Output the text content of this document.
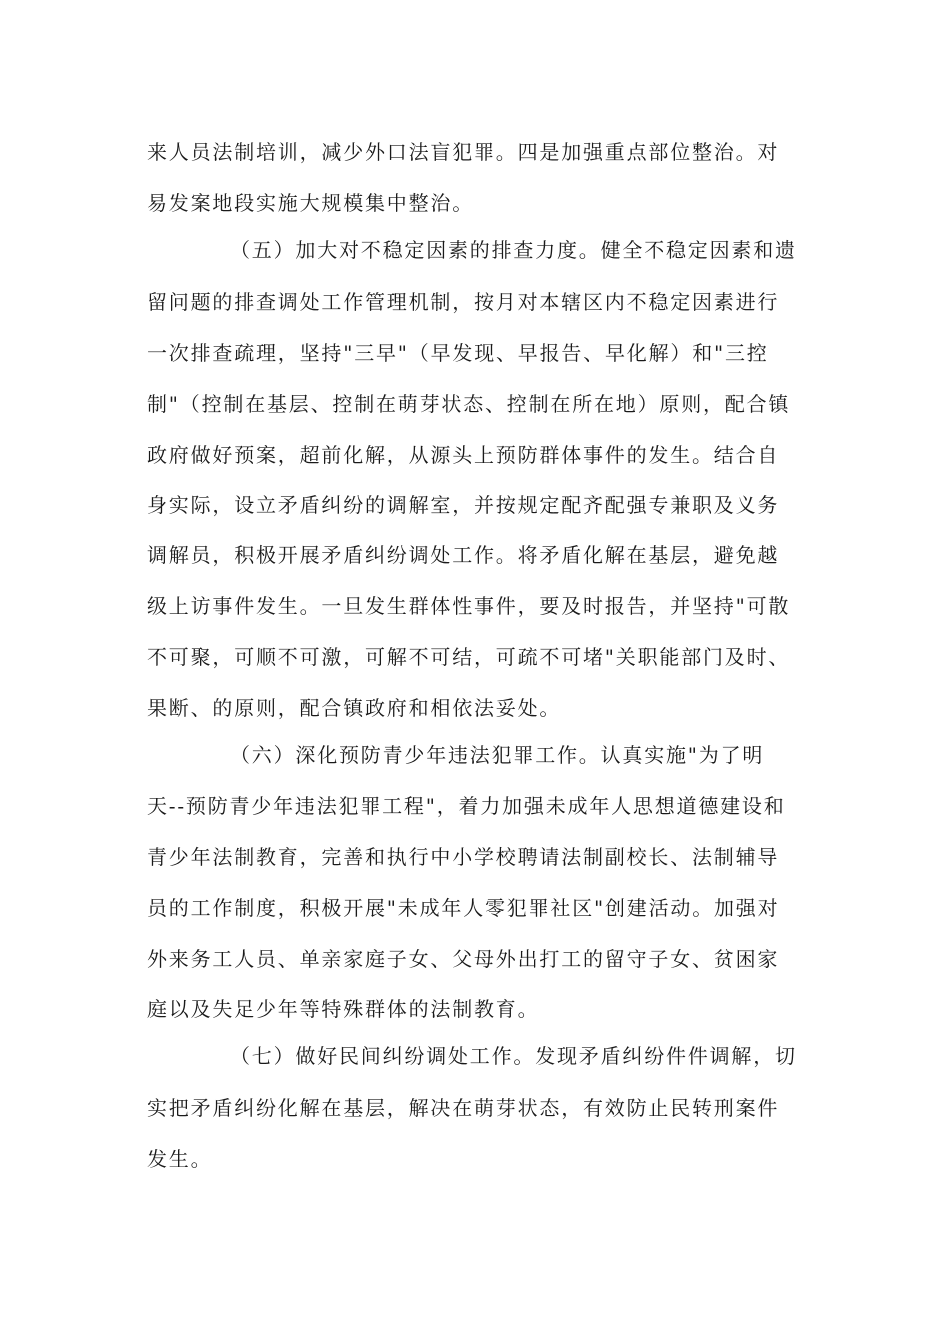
来人员法制培训，减少外口法盲犯罪。四是加强重点部位整治。对
易发案地段实施大规模集中整治。
（五）加大对不稳定因素的排查力度。健全不稳定因素和遗
留问题的排查调处工作管理机制，按月对本辖区内不稳定因素进行
一次排查疏理，坚持"三早"（早发现、早报告、早化解）和"三控
制"（控制在基层、控制在萌芽状态、控制在所在地）原则，配合镇
政府做好预案，超前化解，从源头上预防群体事件的发生。结合自
身实际，设立矛盾纠纷的调解室，并按规定配齐配强专兼职及义务
调解员，积极开展矛盾纠纷调处工作。将矛盾化解在基层，避免越
级上访事件发生。一旦发生群体性事件，要及时报告，并坚持"可散
不可聚，可顺不可激，可解不可结，可疏不可堵"关职能部门及时、
果断、的原则，配合镇政府和相依法妥处。
（六）深化预防青少年违法犯罪工作。认真实施"为了明
天--预防青少年违法犯罪工程"，着力加强未成年人思想道德建设和
青少年法制教育，完善和执行中小学校聘请法制副校长、法制辅导
员的工作制度，积极开展"未成年人零犯罪社区"创建活动。加强对
外来务工人员、单亲家庭子女、父母外出打工的留守子女、贫困家
庭以及失足少年等特殊群体的法制教育。
（七）做好民间纠纷调处工作。发现矛盾纠纷件件调解，切
实把矛盾纠纷化解在基层，解决在萌芽状态，有效防止民转刑案件
发生。
